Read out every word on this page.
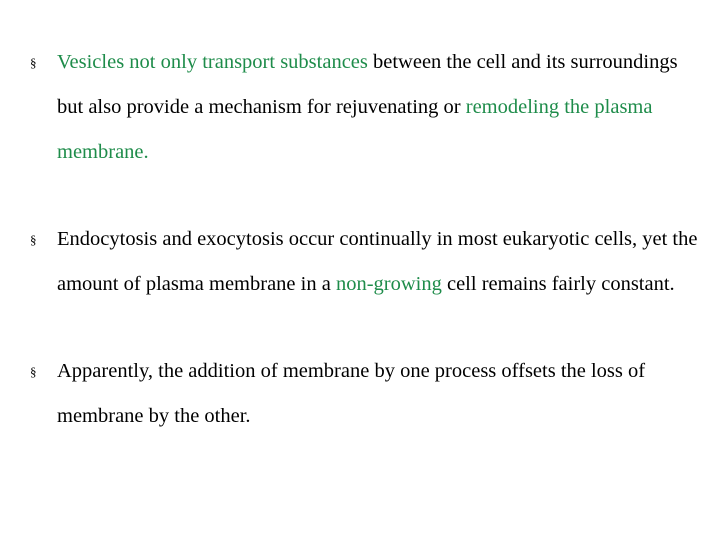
§ Vesicles not only transport substances between the cell and its surroundings but also provide a mechanism for rejuvenating or remodeling the plasma membrane.
§ Endocytosis and exocytosis occur continually in most eukaryotic cells, yet the amount of plasma membrane in a non-growing cell remains fairly constant.
§ Apparently, the addition of membrane by one process offsets the loss of membrane by the other.
